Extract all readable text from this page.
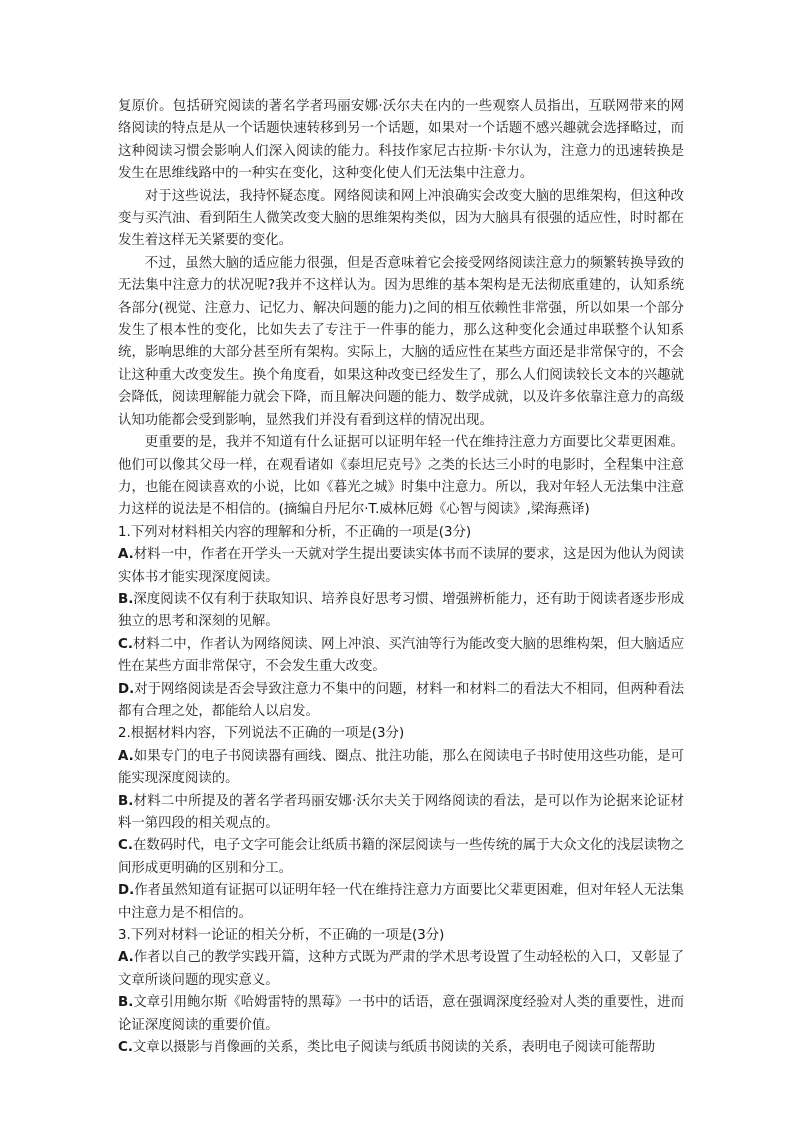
复原价。包括研究阅读的著名学者玛丽安娜·沃尔夫在内的一些观察人员指出，互联网带来的网络阅读的特点是从一个话题快速转移到另一个话题，如果对一个话题不感兴趣就会选择略过，而这种阅读习惯会影响人们深入阅读的能力。科技作家尼古拉斯·卡尔认为，注意力的迅速转换是发生在思维线路中的一种实在变化，这种变化使人们无法集中注意力。

对于这些说法，我持怀疑态度。网络阅读和网上冲浪确实会改变大脑的思维架构，但这种改变与买汽油、看到陌生人微笑改变大脑的思维架构类似，因为大脑具有很强的适应性，时时都在发生着这样无关紧要的变化。

不过，虽然大脑的适应能力很强，但是否意味着它会接受网络阅读注意力的频繁转换导致的无法集中注意力的状况呢?我并不这样认为。因为思维的基本架构是无法彻底重建的，认知系统各部分(视觉、注意力、记忆力、解决问题的能力)之间的相互依赖性非常强，所以如果一个部分发生了根本性的变化，比如失去了专注于一件事的能力，那么这种变化会通过串联整个认知系统，影响思维的大部分甚至所有架构。实际上，大脑的适应性在某些方面还是非常保守的，不会让这种重大改变发生。换个角度看，如果这种改变已经发生了，那么人们阅读较长文本的兴趣就会降低，阅读理解能力就会下降，而且解决问题的能力、数学成就，以及许多依靠注意力的高级认知功能都会受到影响，显然我们并没有看到这样的情况出现。

更重要的是，我并不知道有什么证据可以证明年轻一代在维持注意力方面要比父辈更困难。他们可以像其父母一样，在观看诸如《泰坦尼克号》之类的长达三小时的电影时，全程集中注意力，也能在阅读喜欢的小说，比如《暮光之城》时集中注意力。所以，我对年轻人无法集中注意力这样的说法是不相信的。(摘编自丹尼尔·T.威林厄姆《心智与阅读》,梁海燕译)

1.下列对材料相关内容的理解和分析，不正确的一项是(3分)

A.材料一中，作者在开学头一天就对学生提出要读实体书而不读屏的要求，这是因为他认为阅读实体书才能实现深度阅读。

B.深度阅读不仅有利于获取知识、培养良好思考习惯、增强辨析能力，还有助于阅读者逐步形成独立的思考和深刻的见解。

C.材料二中，作者认为网络阅读、网上冲浪、买汽油等行为能改变大脑的思维构架，但大脑适应性在某些方面非常保守，不会发生重大改变。

D.对于网络阅读是否会导致注意力不集中的问题，材料一和材料二的看法大不相同，但两种看法都有合理之处，都能给人以启发。

2.根据材料内容，下列说法不正确的一项是(3分)

A.如果专门的电子书阅读器有画线、圈点、批注功能，那么在阅读电子书时使用这些功能，是可能实现深度阅读的。

B.材料二中所提及的著名学者玛丽安娜·沃尔夫关于网络阅读的看法，是可以作为论据来论证材料一第四段的相关观点的。

C.在数码时代，电子文字可能会让纸质书籍的深层阅读与一些传统的属于大众文化的浅层读物之间形成更明确的区别和分工。

D.作者虽然知道有证据可以证明年轻一代在维持注意力方面要比父辈更困难，但对年轻人无法集中注意力是不相信的。

3.下列对材料一论证的相关分析，不正确的一项是(3分)

A.作者以自己的教学实践开篇，这种方式既为严肃的学术思考设置了生动轻松的入口，又彰显了文章所谈问题的现实意义。

B.文章引用鲍尔斯《哈姆雷特的黑莓》一书中的话语，意在强调深度经验对人类的重要性，进而论证深度阅读的重要价值。

C.文章以摄影与肖像画的关系，类比电子阅读与纸质书阅读的关系，表明电子阅读可能帮助
